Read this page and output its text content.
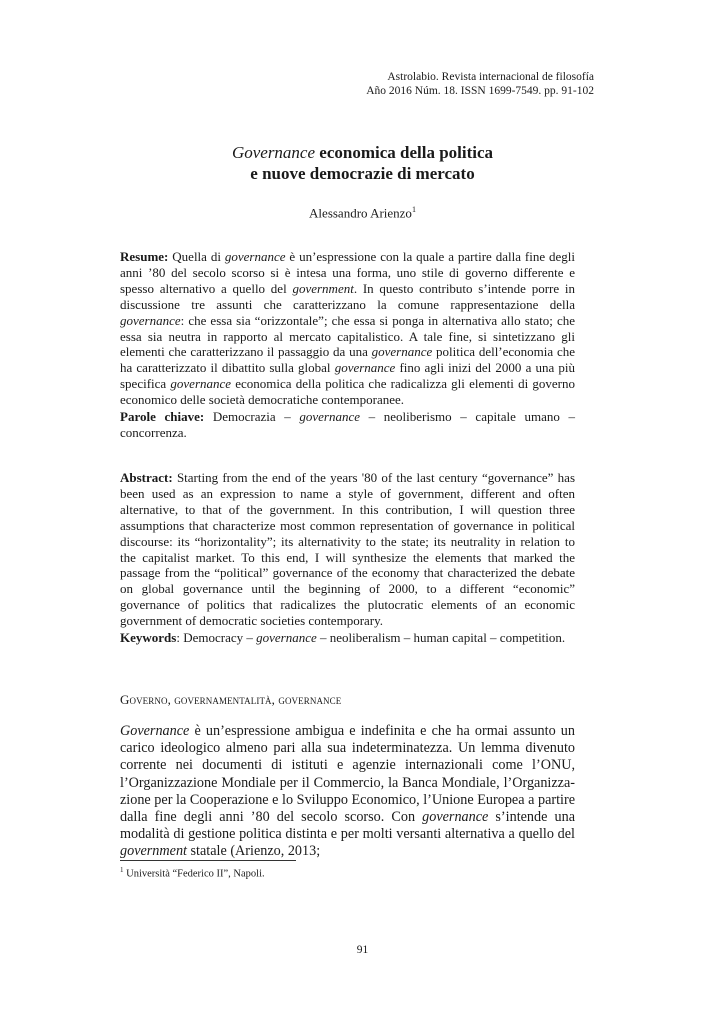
Astrolabio. Revista internacional de filosofía
Año 2016 Núm. 18. ISSN 1699-7549. pp. 91-102
Governance economica della politica
e nuove democrazie di mercato
Alessandro Arienzo$^1$
Resume: Quella di governance è un’espressione con la quale a partire dalla fine degli anni ’80 del secolo scorso si è intesa una forma, uno stile di governo differente e spesso alternativo a quello del government. In questo contributo s’intende porre in discussione tre assunti che caratterizzano la comune rappresentazione della governance: che essa sia “orizzontale”; che essa si ponga in alternativa allo stato; che essa sia neutra in rapporto al mercato capitalistico. A tale fine, si sintetizzano gli elementi che caratterizzano il passaggio da una governance politica dell’economia che ha caratterizzato il dibattito sulla global governance fino agli inizi del 2000 a una più specifica governance economica della politica che radicalizza gli elementi di governo economico delle società democratiche contemporanee.
Parole chiave: Democrazia – governance – neoliberismo – capitale umano – concorrenza.
Abstract: Starting from the end of the years '80 of the last century “governance” has been used as an expression to name a style of government, different and often alternative, to that of the government. In this contribution, I will question three assumptions that characterize most common representation of governance in political discourse: its “horizontality”; its alternativity to the state; its neutrality in relation to the capitalist market. To this end, I will synthesize the elements that marked the passage from the “political” governance of the economy that characterized the debate on global governance until the beginning of 2000, to a different “economic” governance of politics that radicalizes the plutocratic elements of an economic government of democratic societies contemporary.
Keywords: Democracy – governance – neoliberalism – human capital – competition.
Governo, governamentalità, governance
Governance è un’espressione ambigua e indefinita e che ha ormai assunto un carico ideologico almeno pari alla sua indeterminatezza. Un lemma divenuto corrente nei documenti di istituti e agenzie internazionali come l’ONU, l’Organizzazione Mondiale per il Commercio, la Banca Mondiale, l’Organizza-zione per la Cooperazione e lo Sviluppo Economico, l’Unione Europea a partire dalla fine degli anni ’80 del secolo scorso. Con governance s’intende una modalità di gestione politica distinta e per molti versanti alternativa a quello del government statale (Arienzo, 2013;
$^1$ Università “Federico II”, Napoli.
91
